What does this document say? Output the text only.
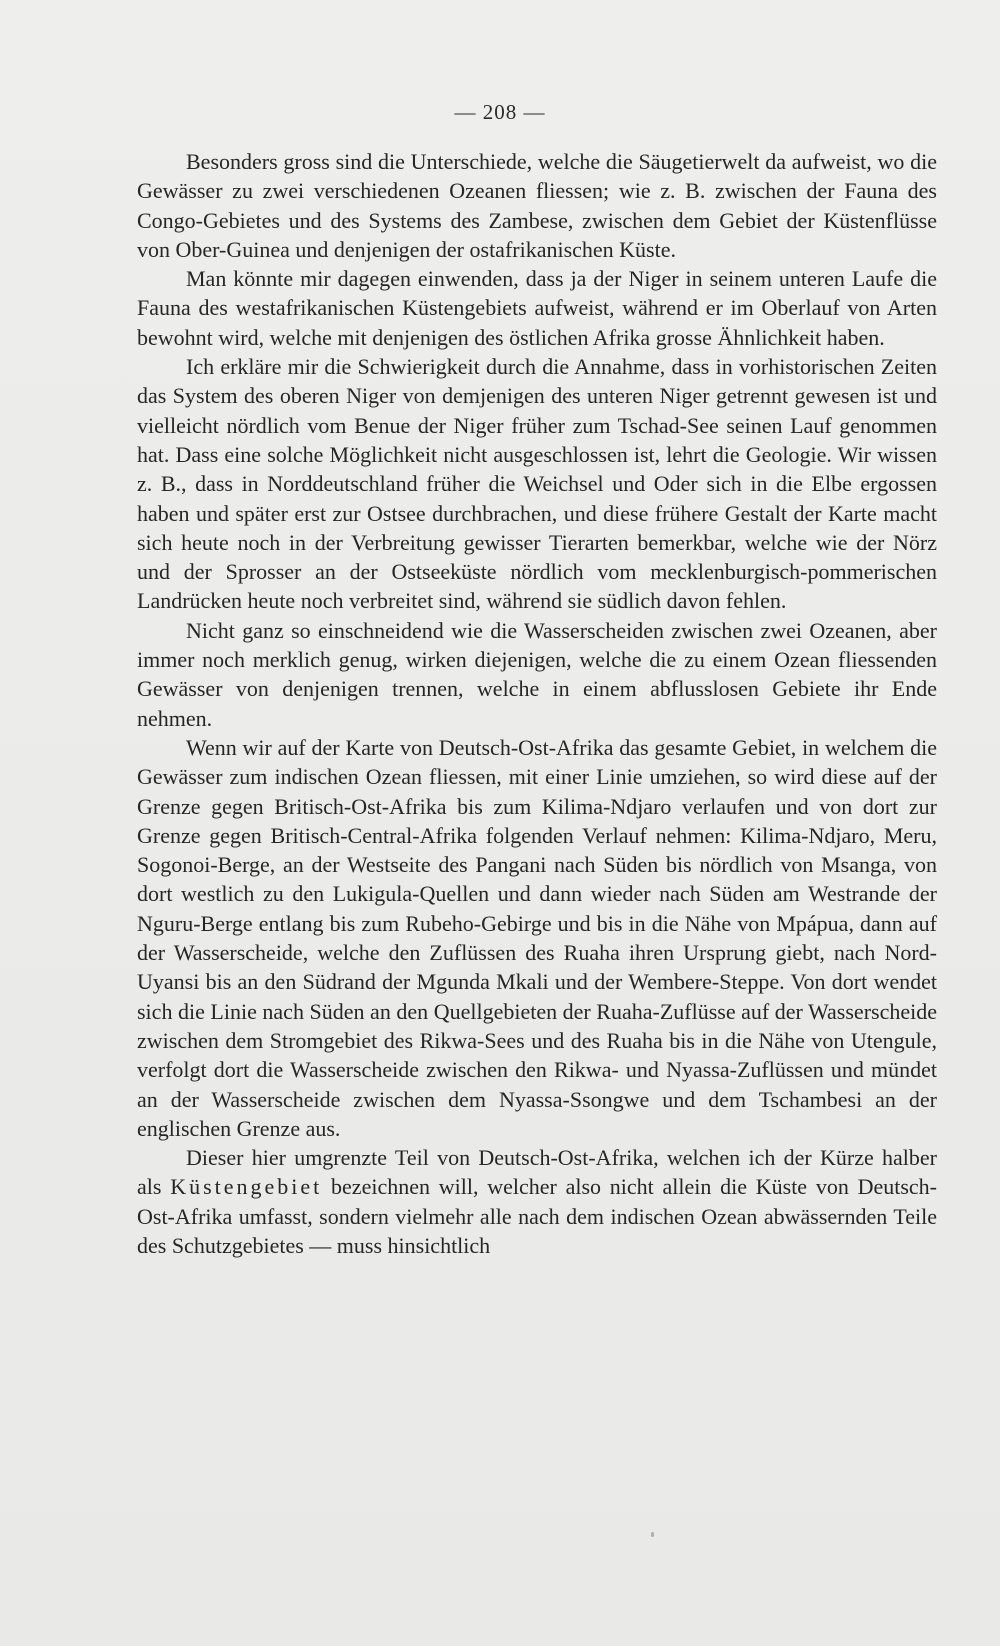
— 208 —

Besonders gross sind die Unterschiede, welche die Säugetierwelt da aufweist, wo die Gewässer zu zwei verschiedenen Ozeanen fliessen; wie z. B. zwischen der Fauna des Congo-Gebietes und des Systems des Zambese, zwischen dem Gebiet der Küstenflüsse von Ober-Guinea und denjenigen der ostafrikanischen Küste.

Man könnte mir dagegen einwenden, dass ja der Niger in seinem unteren Laufe die Fauna des westafrikanischen Küstengebiets aufweist, während er im Oberlauf von Arten bewohnt wird, welche mit denjenigen des östlichen Afrika grosse Ähnlichkeit haben.

Ich erkläre mir die Schwierigkeit durch die Annahme, dass in vorhistorischen Zeiten das System des oberen Niger von demjenigen des unteren Niger getrennt gewesen ist und vielleicht nördlich vom Benue der Niger früher zum Tschad-See seinen Lauf genommen hat. Dass eine solche Möglichkeit nicht ausgeschlossen ist, lehrt die Geologie. Wir wissen z. B., dass in Norddeutschland früher die Weichsel und Oder sich in die Elbe ergossen haben und später erst zur Ostsee durchbrachen, und diese frühere Gestalt der Karte macht sich heute noch in der Verbreitung gewisser Tierarten bemerkbar, welche wie der Nörz und der Sprosser an der Ostseeküste nördlich vom mecklenburgisch-pommerischen Landrücken heute noch verbreitet sind, während sie südlich davon fehlen.

Nicht ganz so einschneidend wie die Wasserscheiden zwischen zwei Ozeanen, aber immer noch merklich genug, wirken diejenigen, welche die zu einem Ozean fliessenden Gewässer von denjenigen trennen, welche in einem abflusslosen Gebiete ihr Ende nehmen.

Wenn wir auf der Karte von Deutsch-Ost-Afrika das gesamte Gebiet, in welchem die Gewässer zum indischen Ozean fliessen, mit einer Linie umziehen, so wird diese auf der Grenze gegen Britisch-Ost-Afrika bis zum Kilima-Ndjaro verlaufen und von dort zur Grenze gegen Britisch-Central-Afrika folgenden Verlauf nehmen: Kilima-Ndjaro, Meru, Sogonoi-Berge, an der Westseite des Pangani nach Süden bis nördlich von Msanga, von dort westlich zu den Lukigula-Quellen und dann wieder nach Süden am Westrande der Nguru-Berge entlang bis zum Rubeho-Gebirge und bis in die Nähe von Mpápua, dann auf der Wasserscheide, welche den Zuflüssen des Ruaha ihren Ursprung giebt, nach Nord-Uyansi bis an den Südrand der Mgunda Mkali und der Wembere-Steppe. Von dort wendet sich die Linie nach Süden an den Quellgebieten der Ruaha-Zuflüsse auf der Wasserscheide zwischen dem Stromgebiet des Rikwa-Sees und des Ruaha bis in die Nähe von Utengule, verfolgt dort die Wasserscheide zwischen den Rikwa- und Nyassa-Zuflüssen und mündet an der Wasserscheide zwischen dem Nyassa-Ssongwe und dem Tschambesi an der englischen Grenze aus.

Dieser hier umgrenzte Teil von Deutsch-Ost-Afrika, welchen ich der Kürze halber als Küstengebiet bezeichnen will, welcher also nicht allein die Küste von Deutsch-Ost-Afrika umfasst, sondern vielmehr alle nach dem indischen Ozean abwässernden Teile des Schutzgebietes — muss hinsichtlich
